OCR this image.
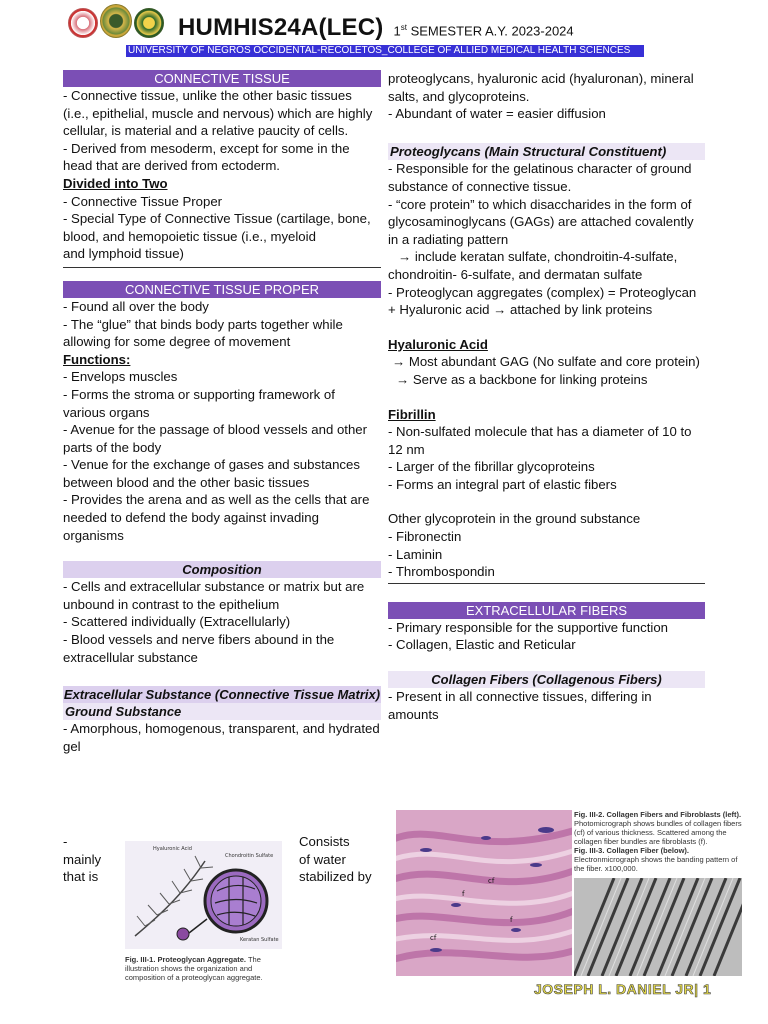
HUMHIS24A(LEC) 1st SEMESTER A.Y. 2023-2024
UNIVERSITY OF NEGROS OCCIDENTAL-RECOLETOS_COLLEGE OF ALLIED MEDICAL HEALTH SCIENCES
CONNECTIVE TISSUE

- Connective tissue, unlike the other basic tissues (i.e., epithelial, muscle and nervous) which are highly cellular, is material and a relative paucity of cells.

- Derived from mesoderm, except for some in the head that are derived from ectoderm.

Divided into Two

- Connective Tissue Proper

- Special Type of Connective Tissue (cartilage, bone,

blood, and hemopoietic tissue (i.e., myeloid

and lymphoid tissue)

CONNECTIVE TISSUE PROPER

- Found all over the body

- The “glue” that binds body parts together while allowing for some degree of movement

Functions:

- Envelops muscles

- Forms the stroma or supporting framework of various organs

- Avenue for the passage of blood vessels and other parts of the body

- Venue for the exchange of gases and substances between blood and the other basic tissues

- Provides the arena and as well as the cells that are needed to defend the body against invading organisms

Composition

- Cells and extracellular substance or matrix but are unbound in contrast to the epithelium

- Scattered individually (Extracellularly)

- Blood vessels and nerve fibers abound in the extracellular substance

Extracellular Substance (Connective Tissue Matrix)
Ground Substance

- Amorphous, homogenous, transparent, and hydrated gel

-
mainly
that is
Consists
of water
stabilized by
Hyaluronic Acid
Chondroitin Sulfate
Keratan Sulfate
Fig. III-1. Proteoglycan Aggregate. The illustration shows the organization and composition of a proteoglycan aggregate.

proteoglycans, hyaluronic acid (hyaluronan), mineral salts, and glycoproteins.

- Abundant of water = easier diffusion

Proteoglycans (Main Structural Constituent)

- Responsible for the gelatinous character of ground substance of connective tissue.

- “core protein” to which disaccharides in the form of glycosaminoglycans (GAGs) are attached covalently in a radiating pattern

→ include keratan sulfate, chondroitin-4-sulfate, chondroitin- 6-sulfate, and dermatan sulfate

- Proteoglycan aggregates (complex) = Proteoglycan + Hyaluronic acid → attached by link proteins

Hyaluronic Acid

→ Most abundant GAG (No sulfate and core protein)

→ Serve as a backbone for linking proteins

Fibrillin

- Non-sulfated molecule that has a diameter of 10 to 12 nm

- Larger of the fibrillar glycoproteins

- Forms an integral part of elastic fibers

Other glycoprotein in the ground substance

- Fibronectin

- Laminin

- Thrombospondin

EXTRACELLULAR FIBERS

- Primary responsible for the supportive function

- Collagen, Elastic and Reticular

Collagen Fibers (Collagenous Fibers)

- Present in all connective tissues, differing in amounts

cf
f
f
cf
Fig. III-2. Collagen Fibers and Fibroblasts (left). Photomicrograph shows bundles of collagen fibers (cf) of various thickness. Scattered among the collagen fiber bundles are fibroblasts (f).
Fig. III-3. Collagen Fiber (below). Electronmicrograph shows the banding pattern of the fiber. x100,000.
JOSEPH L. DANIEL JR| 1
